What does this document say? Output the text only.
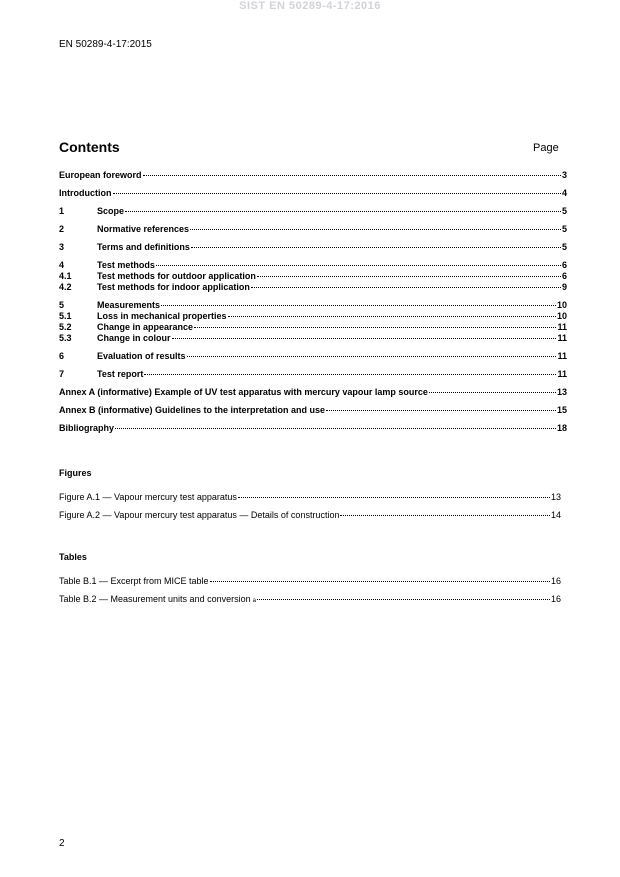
SIST EN 50289-4-17:2016
EN 50289-4-17:2015
Contents	Page
European foreword	3
Introduction	4
1	Scope	5
2	Normative references	5
3	Terms and definitions	5
4	Test methods	6
4.1	Test methods for outdoor application	6
4.2	Test methods for indoor application	9
5	Measurements	10
5.1	Loss in mechanical properties	10
5.2	Change in appearance	11
5.3	Change in colour	11
6	Evaluation of results	11
7	Test report	11
Annex A (informative) Example of UV test apparatus with mercury vapour lamp source	13
Annex B (informative) Guidelines to the interpretation and use	15
Bibliography	18
Figures
Figure A.1 — Vapour mercury test apparatus	13
Figure A.2 — Vapour mercury test apparatus — Details of construction	14
Tables
Table B.1 — Excerpt from MICE table	16
Table B.2 — Measurement units and conversion $_a$	16
2
